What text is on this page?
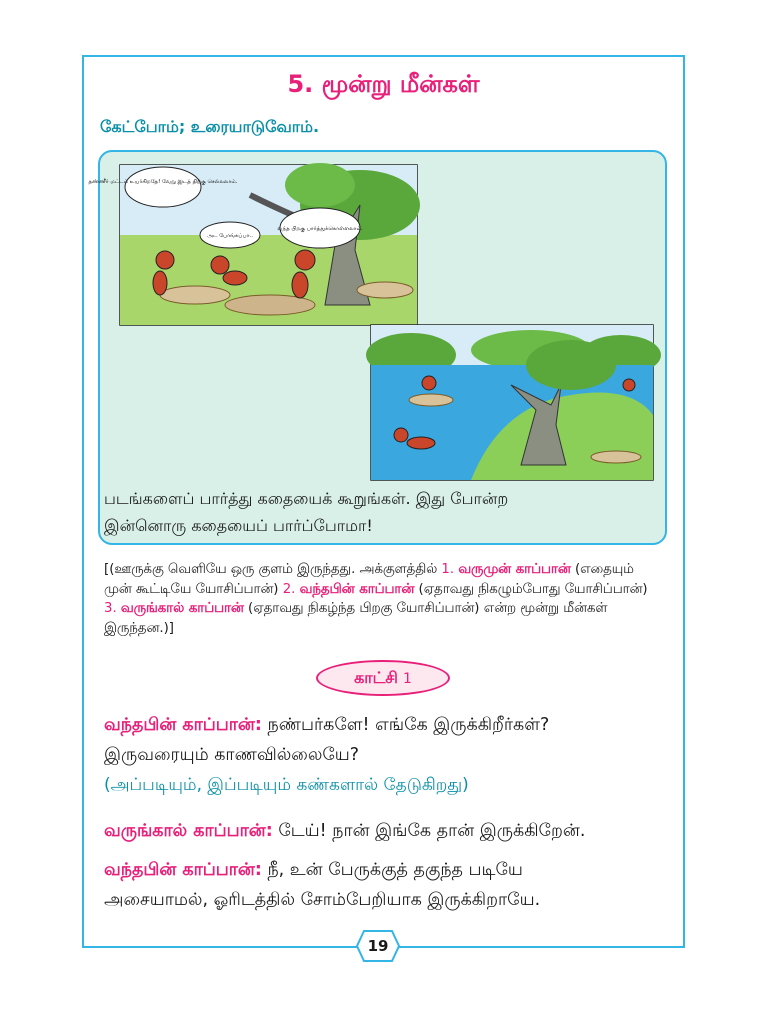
5. மூன்று மீன்கள்
கேட்போம்; உரையாடுவோம்.
தண்ணீர் மட்டம் உயர்கிறதே! வேறு இடத் திற்கு செல்லலாம்.
அட போங்கப்பா..
வந்த பிறகு பார்த்துக்கொள்ளலாம்.
படங்களைப் பார்த்து கதையைக் கூறுங்கள். இது போன்ற
இன்னொரு கதையைப் பார்ப்போமா!
[(ஊருக்கு வெளியே ஒரு குளம் இருந்தது. அக்குளத்தில் 1. வருமுன் காப்பான் (எதையும் முன் கூட்டியே யோசிப்பான்) 2. வந்தபின் காப்பான் (ஏதாவது நிகழும்போது யோசிப்பான்) 3. வருங்கால் காப்பான் (ஏதாவது நிகழ்ந்த பிறகு யோசிப்பான்) என்ற மூன்று மீன்கள் இருந்தன.)]
காட்சி 1
வந்தபின் காப்பான்: நண்பர்களே! எங்கே இருக்கிறீர்கள்?
இருவரையும் காணவில்லையே?
(அப்படியும், இப்படியும் கண்களால் தேடுகிறது)
வருங்கால் காப்பான்: டேய்! நான் இங்கே தான் இருக்கிறேன்.
வந்தபின் காப்பான்: நீ, உன் பேருக்குத் தகுந்த படியே
அசையாமல், ஓரிடத்தில் சோம்பேறியாக இருக்கிறாயே.
19
